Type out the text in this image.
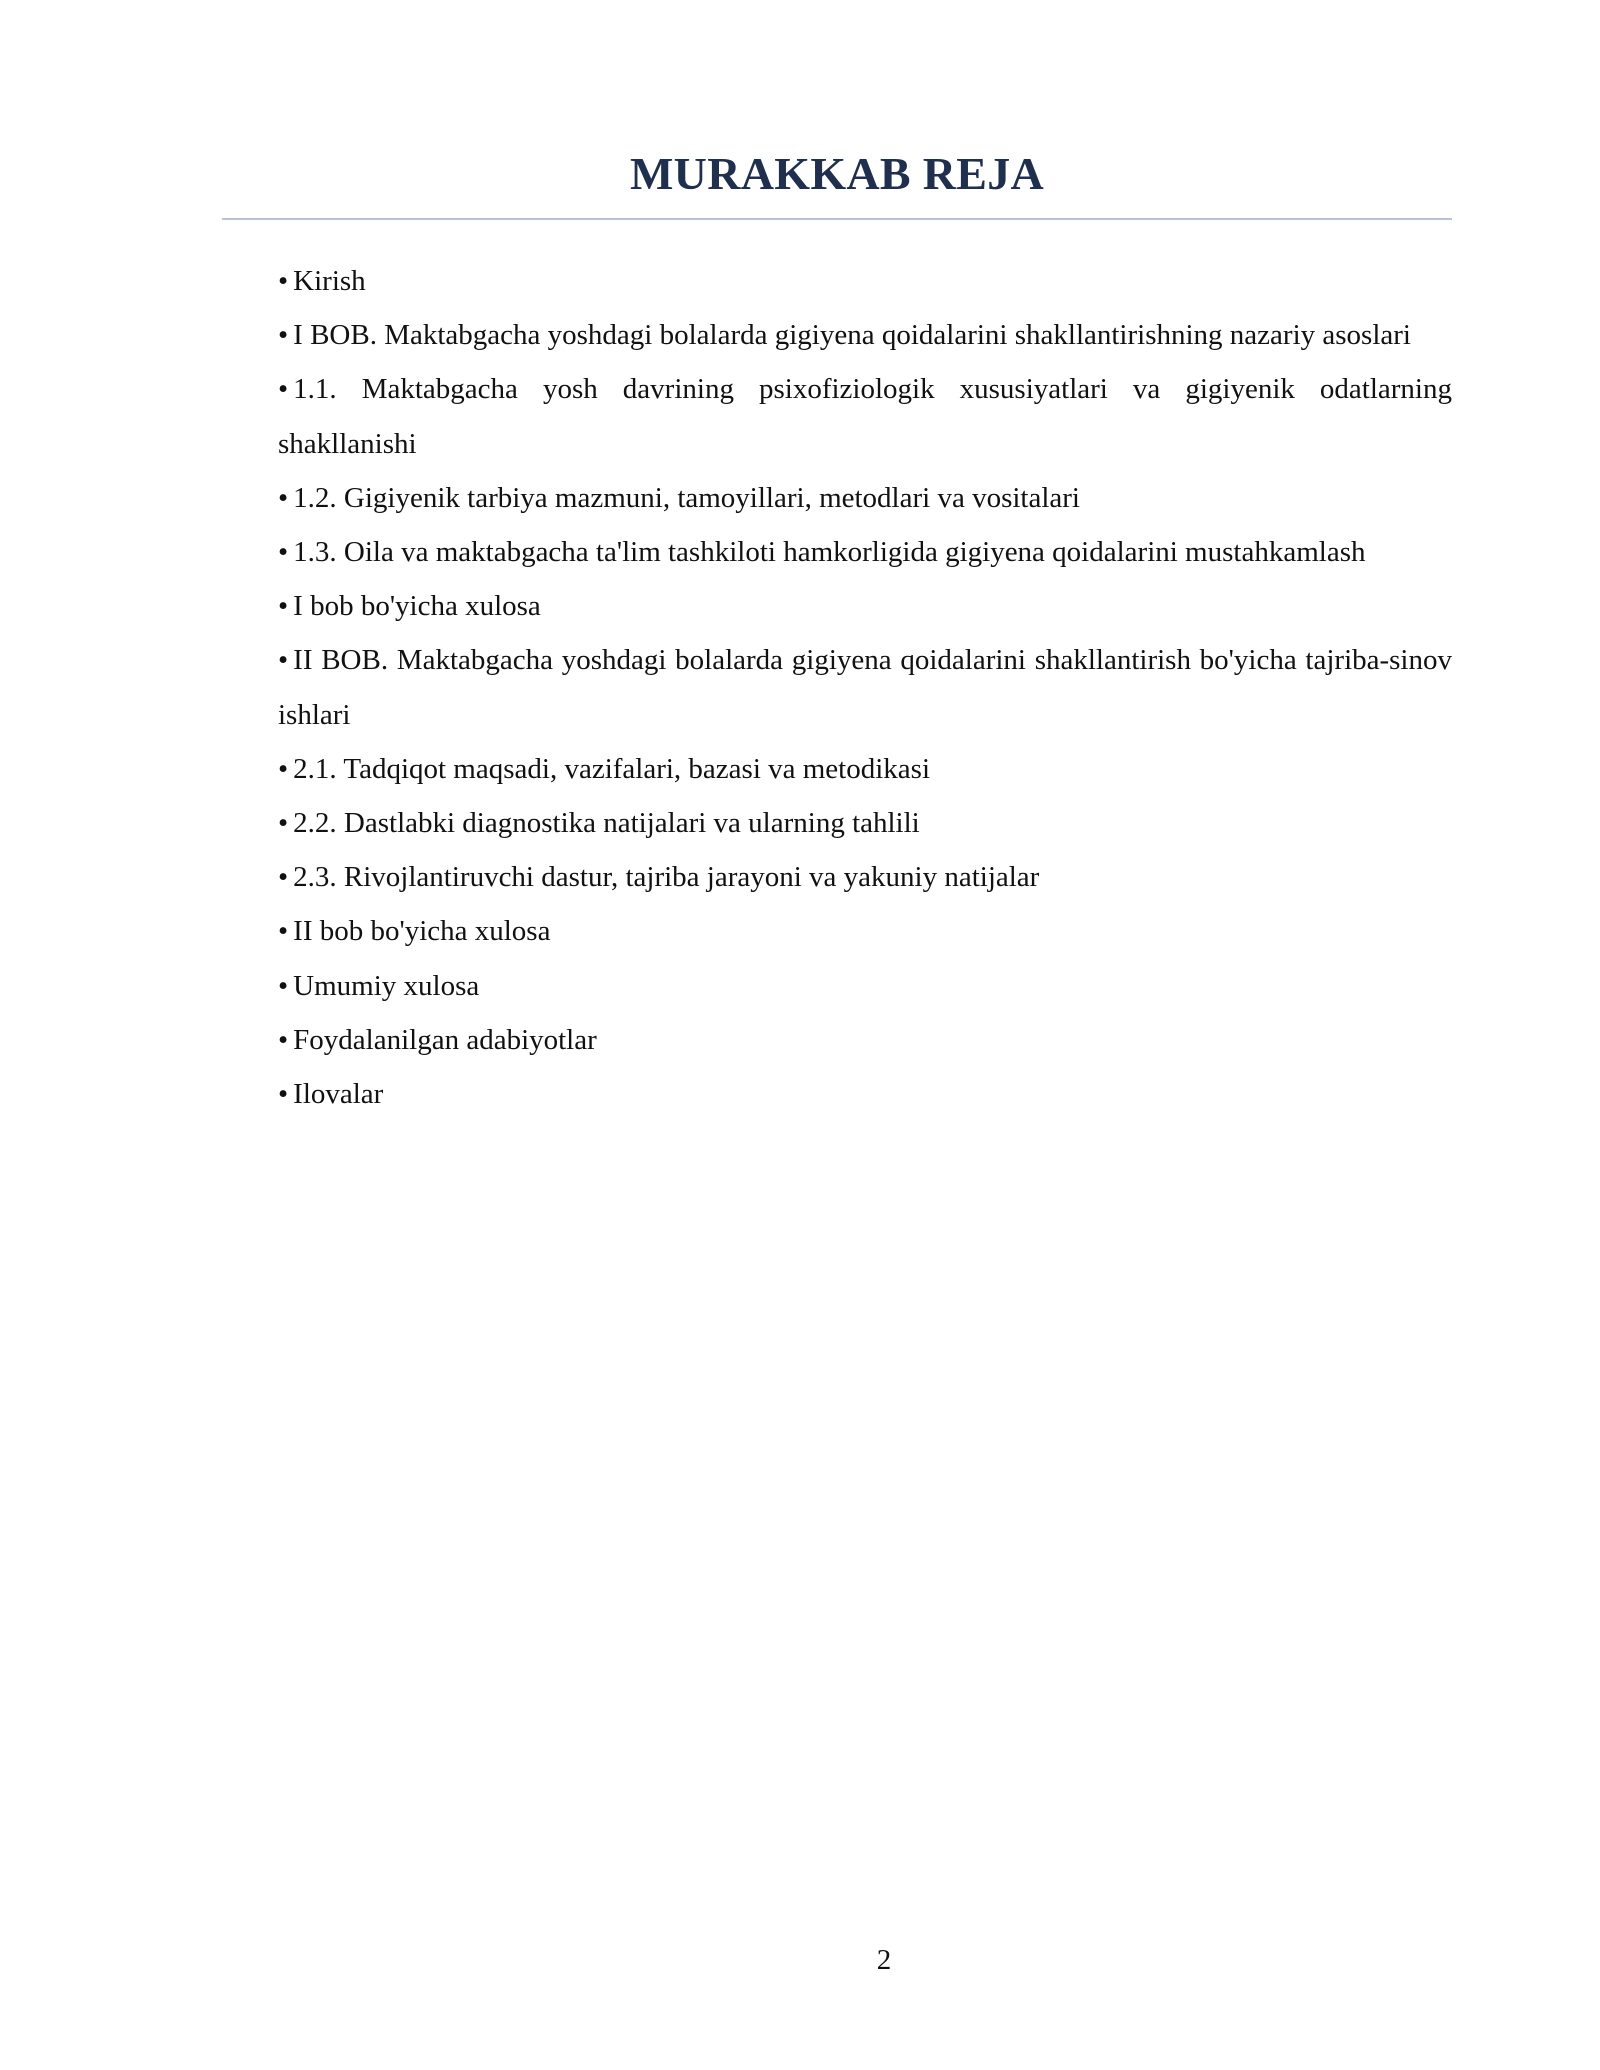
MURAKKAB REJA
• Kirish
• I BOB. Maktabgacha yoshdagi bolalarda gigiyena qoidalarini shakllantirishning nazariy asoslari
• 1.1. Maktabgacha yosh davrining psixofiziologik xususiyatlari va gigiyenik odatlarning shakllanishi
• 1.2. Gigiyenik tarbiya mazmuni, tamoyillari, metodlari va vositalari
• 1.3. Oila va maktabgacha ta'lim tashkiloti hamkorligida gigiyena qoidalarini mustahkamlash
• I bob bo'yicha xulosa
• II BOB. Maktabgacha yoshdagi bolalarda gigiyena qoidalarini shakllantirish bo'yicha tajriba-sinov ishlari
• 2.1. Tadqiqot maqsadi, vazifalari, bazasi va metodikasi
• 2.2. Dastlabki diagnostika natijalari va ularning tahlili
• 2.3. Rivojlantiruvchi dastur, tajriba jarayoni va yakuniy natijalar
• II bob bo'yicha xulosa
• Umumiy xulosa
• Foydalanilgan adabiyotlar
• Ilovalar
2
